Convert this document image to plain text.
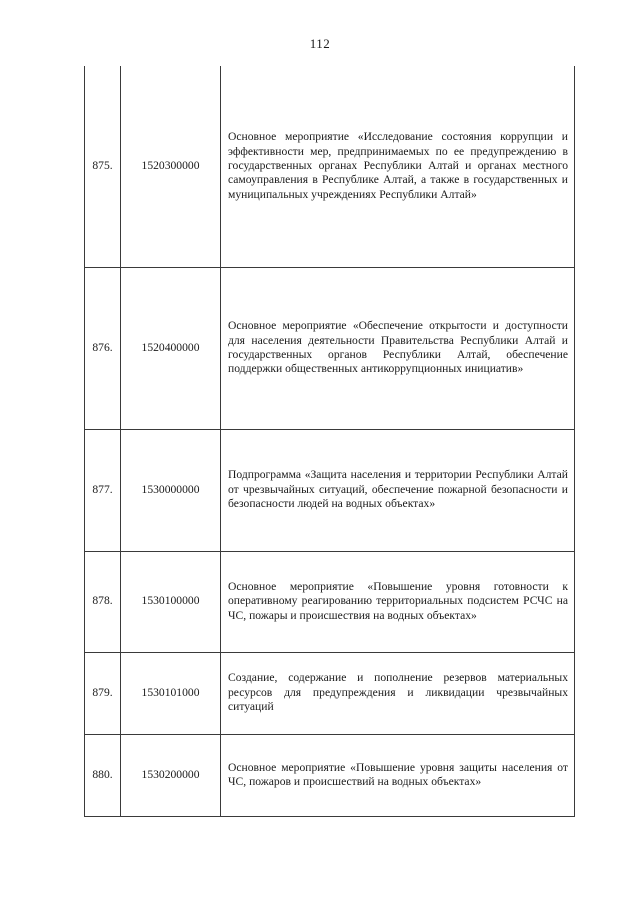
112
875.	1520300000	Основное мероприятие «Исследование состояния коррупции и эффективности мер, предпринимаемых по ее предупреждению в государственных органах Республики Алтай и органах местного самоуправления в Республике Алтай, а также в государственных и муниципальных учреждениях Республики Алтай»

876.	1520400000	Основное мероприятие «Обеспечение открытости и доступности для населения деятельности Правительства Республики Алтай и государственных органов Республики Алтай, обеспечение поддержки общественных антикоррупционных инициатив»

877.	1530000000	Подпрограмма «Защита населения и территории Республики Алтай от чрезвычайных ситуаций, обеспечение пожарной безопасности и безопасности людей на водных объектах»

878.	1530100000	Основное мероприятие «Повышение уровня готовности к оперативному реагированию территориальных подсистем РСЧС на ЧС, пожары и происшествия на водных объектах»

879.	1530101000	Создание, содержание и пополнение резервов материальных ресурсов для предупреждения и ликвидации чрезвычайных ситуаций

880.	1530200000	Основное мероприятие «Повышение уровня защиты населения от ЧС, пожаров и происшествий на водных объектах»
